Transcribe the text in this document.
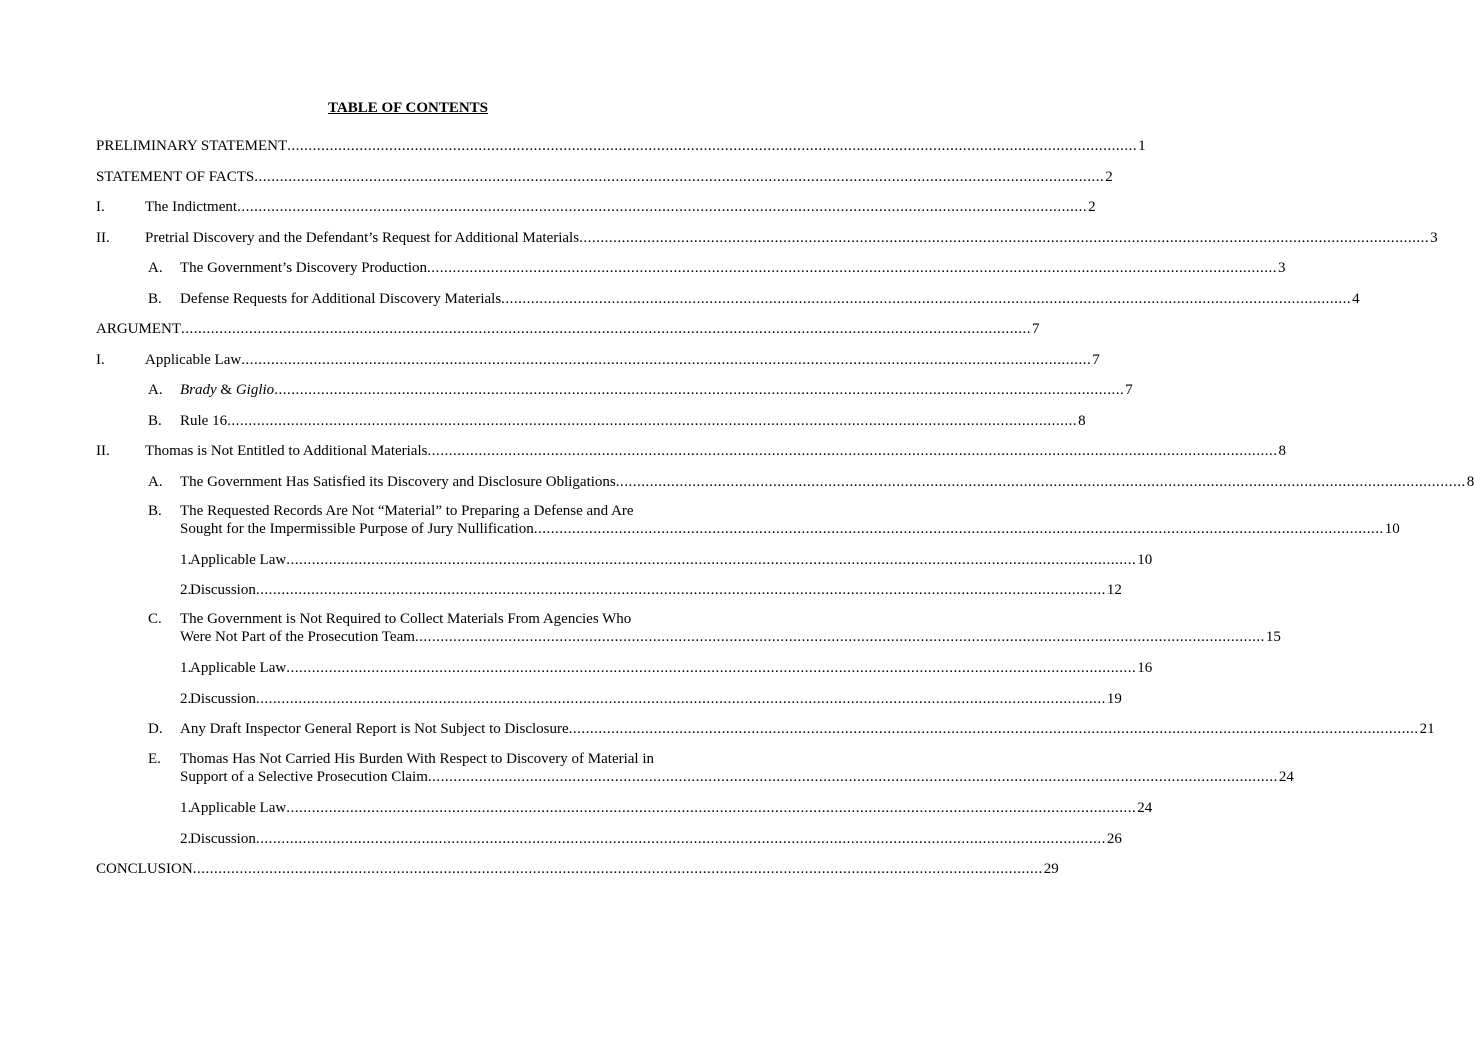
TABLE OF CONTENTS
PRELIMINARY STATEMENT ........................................................................................................................................................................................................ 1
STATEMENT OF FACTS ........................................................................................................................................................................................................ 2
I.	The Indictment ........................................................................................................................................................................................................ 2
II. Pretrial Discovery and the Defendant’s Request for Additional Materials ........................................................................................................................................................................................................ 3
A. The Government’s Discovery Production ........................................................................................................................................................................................................ 3
B. Defense Requests for Additional Discovery Materials ........................................................................................................................................................................................................ 4
ARGUMENT ........................................................................................................................................................................................................ 7
I.	Applicable Law ........................................................................................................................................................................................................ 7
A. Brady & Giglio ........................................................................................................................................................................................................ 7
B. Rule 16 ........................................................................................................................................................................................................ 8
II. Thomas is Not Entitled to Additional Materials ........................................................................................................................................................................................................ 8
A. The Government Has Satisfied its Discovery and Disclosure Obligations ........................................................................................................................................................................................................ 8
B. The Requested Records Are Not “Material” to Preparing a Defense and Are
Sought for the Impermissible Purpose of Jury Nullification ........................................................................................................................................................................................................ 10
1.
Applicable Law ........................................................................................................................................................................................................ 10
2.
Discussion ........................................................................................................................................................................................................ 12
C. The Government is Not Required to Collect Materials From Agencies Who
Were Not Part of the Prosecution Team ........................................................................................................................................................................................................ 15
1.
Applicable Law ........................................................................................................................................................................................................ 16
2.
Discussion ........................................................................................................................................................................................................ 19
D. Any Draft Inspector General Report is Not Subject to Disclosure ........................................................................................................................................................................................................ 21
E. Thomas Has Not Carried His Burden With Respect to Discovery of Material in
Support of a Selective Prosecution Claim ........................................................................................................................................................................................................ 24
1.
Applicable Law ........................................................................................................................................................................................................ 24
2.
Discussion ........................................................................................................................................................................................................ 26
CONCLUSION ........................................................................................................................................................................................................ 29
